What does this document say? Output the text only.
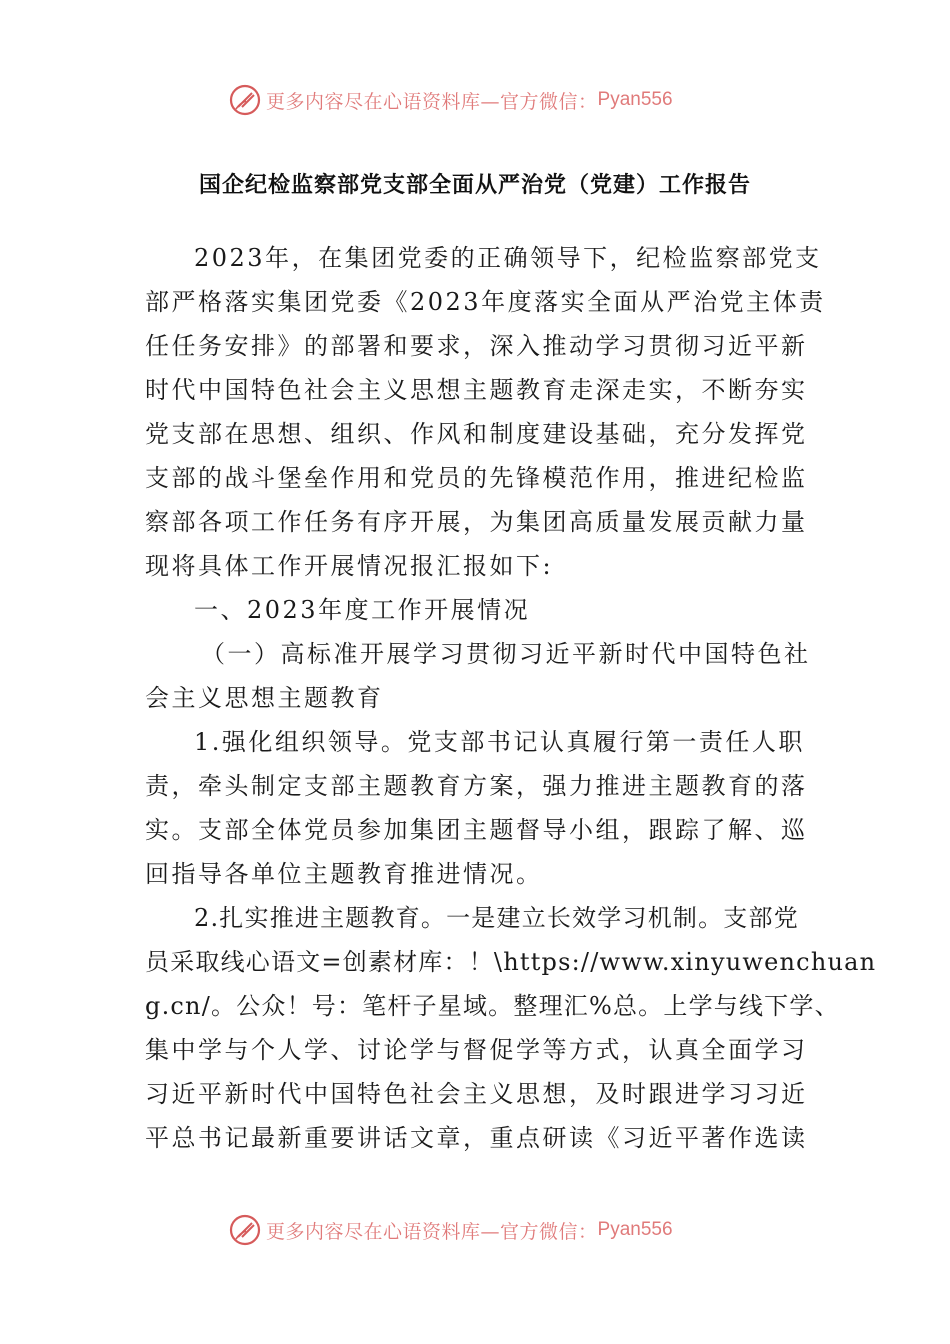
更多内容尽在心语资料库—官方微信： Pyan556
国企纪检监察部党支部全面从严治党（党建）工作报告
2023年，在集团党委的正确领导下，纪检监察部党支
部严格落实集团党委《2023年度落实全面从严治党主体责
任任务安排》的部署和要求，深入推动学习贯彻习近平新
时代中国特色社会主义思想主题教育走深走实，不断夯实
党支部在思想、组织、作风和制度建设基础，充分发挥党
支部的战斗堡垒作用和党员的先锋模范作用，推进纪检监
察部各项工作任务有序开展，为集团高质量发展贡献力量
现将具体工作开展情况报汇报如下:
一、2023年度工作开展情况
（一）高标准开展学习贯彻习近平新时代中国特色社
会主义思想主题教育
1.强化组织领导。党支部书记认真履行第一责任人职
责，牵头制定支部主题教育方案，强力推进主题教育的落
实。支部全体党员参加集团主题督导小组，跟踪了解、巡
回指导各单位主题教育推进情况。
2.扎实推进主题教育。一是建立长效学习机制。支部党
员采取线心语文=创素材库：！\https://www.xinyuwenchuan
g.cn/。公众！号：笔杆子星域。整理汇%总。上学与线下学、
集中学与个人学、讨论学与督促学等方式，认真全面学习
习近平新时代中国特色社会主义思想，及时跟进学习习近
平总书记最新重要讲话文章，重点研读《习近平著作选读
更多内容尽在心语资料库—官方微信： Pyan556
